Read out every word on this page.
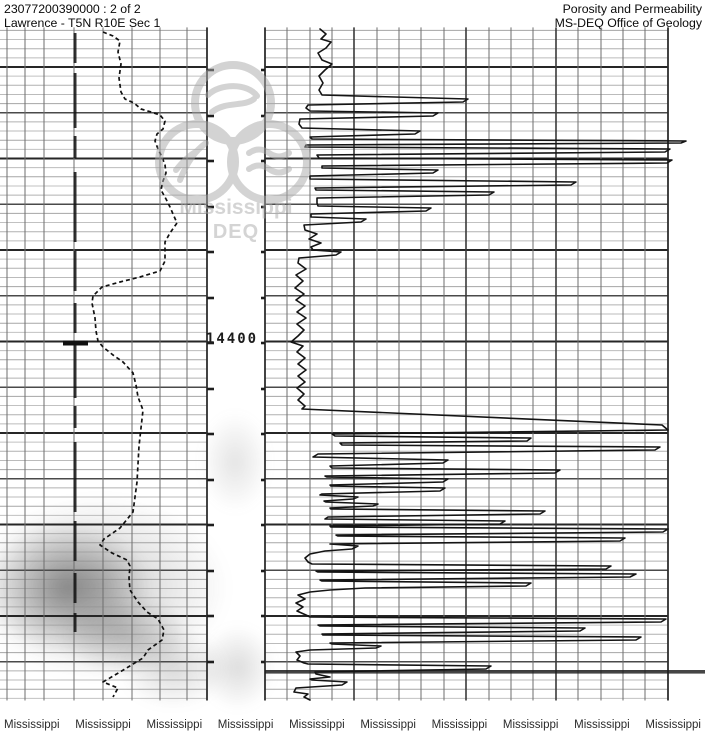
23077200390000 : 2 of 2
Lawrence - T5N R10E Sec 1
Porosity and Permeability
MS-DEQ Office of Geology
14400
Mississippi
DEQ
Mississippi Mississippi Mississippi Mississippi Mississippi Mississippi Mississippi Mississippi Mississippi Mississippi
